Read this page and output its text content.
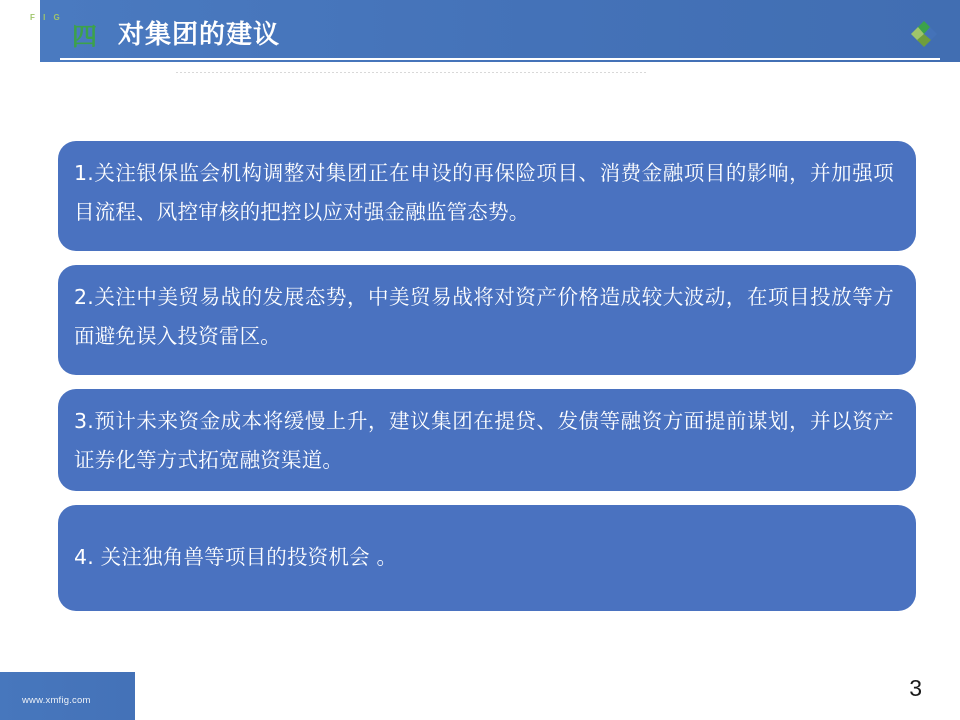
四 对集团的建议
F I G

1.关注银保监会机构调整对集团正在申设的再保险项目、消费金融项目的影响，并加强项目流程、风控审核的把控以应对强金融监管态势。

2.关注中美贸易战的发展态势，中美贸易战将对资产价格造成较大波动，在项目投放等方面避免误入投资雷区。

3.预计未来资金成本将缓慢上升，建议集团在提贷、发债等融资方面提前谋划，并以资产证券化等方式拓宽融资渠道。

4. 关注独角兽等项目的投资机会 。

www.xmfig.com	3
